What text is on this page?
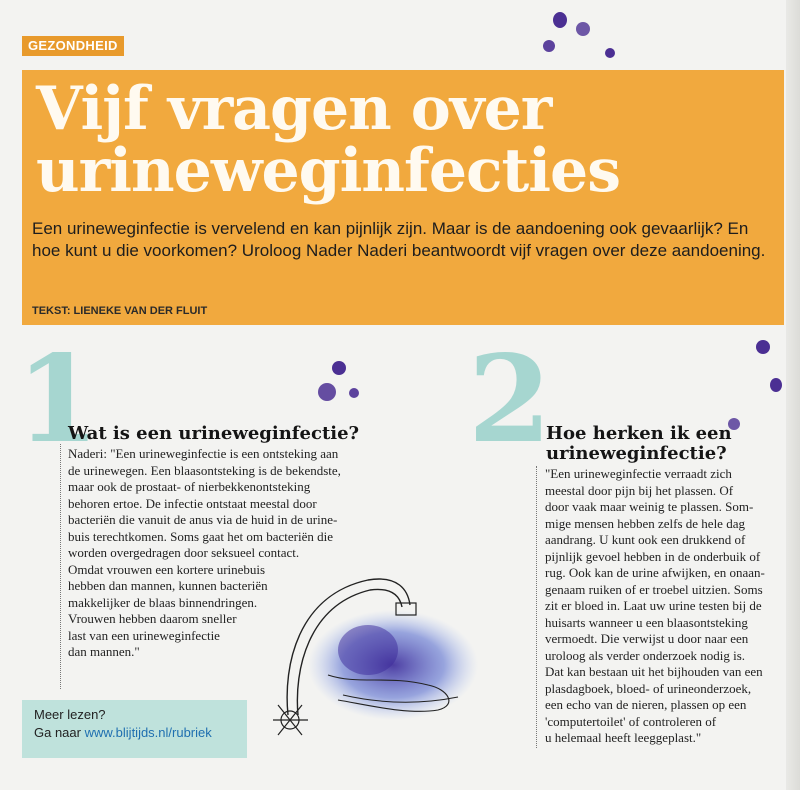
GEZONDHEID
Vijf vragen over
urineweginfecties
Een urineweginfectie is vervelend en kan pijnlijk zijn. Maar is de aandoening ook gevaarlijk? En hoe kunt u die voorkomen? Uroloog Nader Naderi beantwoordt vijf vragen over deze aandoening.
TEKST: LIENEKE VAN DER FLUIT
1
Wat is een urineweginfectie?
Naderi: "Een urineweginfectie is een ontsteking aan
de urinewegen. Een blaasontsteking is de bekendste,
maar ook de prostaat- of nierbekkenontsteking
behoren ertoe. De infectie ontstaat meestal door
bacteriën die vanuit de anus via de huid in de urine-
buis terechtkomen. Soms gaat het om bacteriën die
worden overgedragen door seksueel contact.
Omdat vrouwen een kortere urinebuis
hebben dan mannen, kunnen bacteriën
makkelijker de blaas binnendringen.
Vrouwen hebben daarom sneller
last van een urineweginfectie
dan mannen."
2
Hoe herken ik een
urineweginfectie?
"Een urineweginfectie verraadt zich
meestal door pijn bij het plassen. Of
door vaak maar weinig te plassen. Som-
mige mensen hebben zelfs de hele dag
aandrang. U kunt ook een drukkend of
pijnlijk gevoel hebben in de onderbuik of
rug. Ook kan de urine afwijken, en onaan-
genaam ruiken of er troebel uitzien. Soms
zit er bloed in. Laat uw urine testen bij de
huisarts wanneer u een blaasontsteking
vermoedt. Die verwijst u door naar een
uroloog als verder onderzoek nodig is.
Dat kan bestaan uit het bijhouden van een
plasdagboek, bloed- of urineonderzoek,
een echo van de nieren, plassen op een
'computertoilet' of controleren of
u helemaal heeft leeggeplast."
Meer lezen?
Ga naar www.blijtijds.nl/rubriek
